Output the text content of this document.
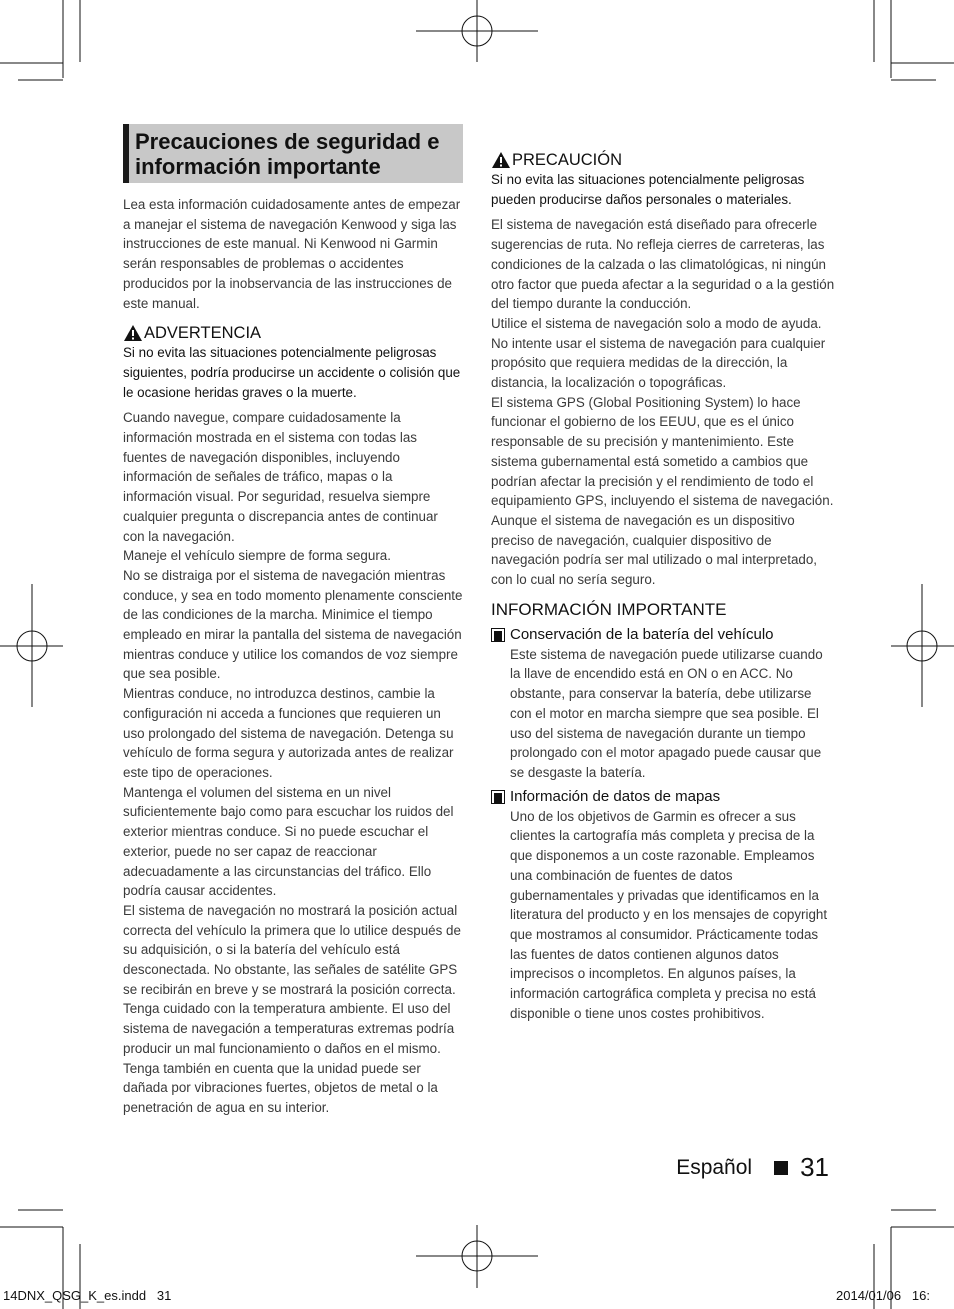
Precauciones de seguridad e información importante

Lea esta información cuidadosamente antes de empezar a manejar el sistema de navegación Kenwood y siga las instrucciones de este manual. Ni Kenwood ni Garmin serán responsables de problemas o accidentes producidos por la inobservancia de las instrucciones de este manual.

ADVERTENCIA

Si no evita las situaciones potencialmente peligrosas siguientes, podría producirse un accidente o colisión que le ocasione heridas graves o la muerte.

Cuando navegue, compare cuidadosamente la información mostrada en el sistema con todas las fuentes de navegación disponibles, incluyendo información de señales de tráfico, mapas o la información visual. Por seguridad, resuelva siempre cualquier pregunta o discrepancia antes de continuar con la navegación.

Maneje el vehículo siempre de forma segura.

No se distraiga por el sistema de navegación mientras conduce, y sea en todo momento plenamente consciente de las condiciones de la marcha. Minimice el tiempo empleado en mirar la pantalla del sistema de navegación mientras conduce y utilice los comandos de voz siempre que sea posible.

Mientras conduce, no introduzca destinos, cambie la configuración ni acceda a funciones que requieren un uso prolongado del sistema de navegación. Detenga su vehículo de forma segura y autorizada antes de realizar este tipo de operaciones.

Mantenga el volumen del sistema en un nivel suficientemente bajo como para escuchar los ruidos del exterior mientras conduce. Si no puede escuchar el exterior, puede no ser capaz de reaccionar adecuadamente a las circunstancias del tráfico. Ello podría causar accidentes.

El sistema de navegación no mostrará la posición actual correcta del vehículo la primera que lo utilice después de su adquisición, o si la batería del vehículo está desconectada. No obstante, las señales de satélite GPS se recibirán en breve y se mostrará la posición correcta.

Tenga cuidado con la temperatura ambiente. El uso del sistema de navegación a temperaturas extremas podría producir un mal funcionamiento o daños en el mismo. Tenga también en cuenta que la unidad puede ser dañada por vibraciones fuertes, objetos de metal o la penetración de agua en su interior.

PRECAUCIÓN

Si no evita las situaciones potencialmente peligrosas pueden producirse daños personales o materiales.

El sistema de navegación está diseñado para ofrecerle sugerencias de ruta. No refleja cierres de carreteras, las condiciones de la calzada o las climatológicas, ni ningún otro factor que pueda afectar a la seguridad o a la gestión del tiempo durante la conducción.

Utilice el sistema de navegación solo a modo de ayuda. No intente usar el sistema de navegación para cualquier propósito que requiera medidas de la dirección, la distancia, la localización o topográficas.

El sistema GPS (Global Positioning System) lo hace funcionar el gobierno de los EEUU, que es el único responsable de su precisión y mantenimiento. Este sistema gubernamental está sometido a cambios que podrían afectar la precisión y el rendimiento de todo el equipamiento GPS, incluyendo el sistema de navegación. Aunque el sistema de navegación es un dispositivo preciso de navegación, cualquier dispositivo de navegación podría ser mal utilizado o mal interpretado, con lo cual no sería seguro.

INFORMACIÓN IMPORTANTE
Conservación de la batería del vehículo

Este sistema de navegación puede utilizarse cuando la llave de encendido está en ON o en ACC. No obstante, para conservar la batería, debe utilizarse con el motor en marcha siempre que sea posible. El uso del sistema de navegación durante un tiempo prolongado con el motor apagado puede causar que se desgaste la batería.

Información de datos de mapas

Uno de los objetivos de Garmin es ofrecer a sus clientes la cartografía más completa y precisa de la que disponemos a un coste razonable. Empleamos una combinación de fuentes de datos gubernamentales y privadas que identificamos en la literatura del producto y en los mensajes de copyright que mostramos al consumidor. Prácticamente todas las fuentes de datos contienen algunos datos imprecisos o incompletos. En algunos países, la información cartográfica completa y precisa no está disponible o tiene unos costes prohibitivos.

Español 31
14DNX_QSG_K_es.indd   31	2014/01/06   16:
